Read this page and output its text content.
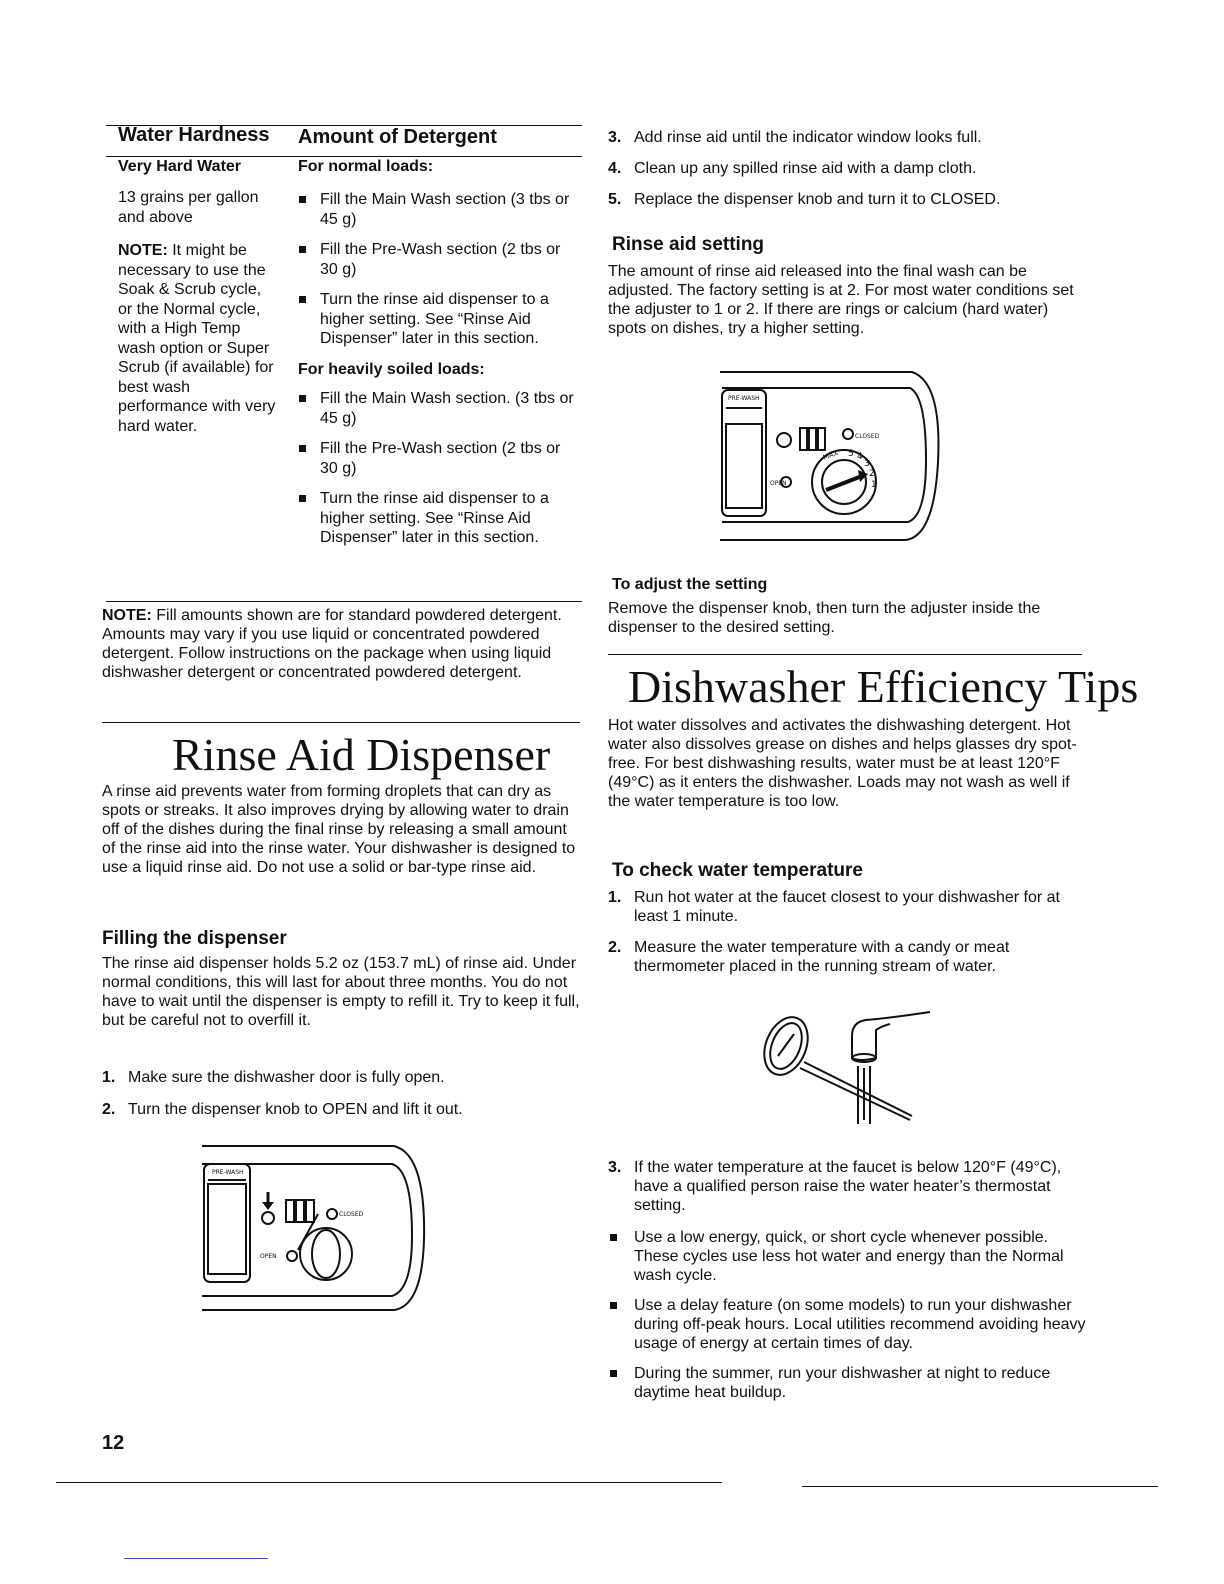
Water Hardness Amount of Detergent
Very Hard Water	For normal loads:

13 grains per gallon and above

NOTE: It might be necessary to use the Soak & Scrub cycle, or the Normal cycle, with a High Temp wash option or Super Scrub (if available) for best wash performance with very hard water.

Fill the Main Wash section (3 tbs or 45 g)
Fill the Pre-Wash section (2 tbs or 30 g)
Turn the rinse aid dispenser to a higher setting. See “Rinse Aid Dispenser” later in this section.

For heavily soiled loads:

Fill the Main Wash section. (3 tbs or 45 g)
Fill the Pre-Wash section (2 tbs or 30 g)
Turn the rinse aid dispenser to a higher setting. See “Rinse Aid Dispenser” later in this section.

NOTE: Fill amounts shown are for standard powdered detergent. Amounts may vary if you use liquid or concentrated powdered detergent. Follow instructions on the package when using liquid dishwasher detergent or concentrated powdered detergent.

Rinse Aid Dispenser

A rinse aid prevents water from forming droplets that can dry as spots or streaks. It also improves drying by allowing water to drain off of the dishes during the final rinse by releasing a small amount of the rinse aid into the rinse water. Your dishwasher is designed to use a liquid rinse aid. Do not use a solid or bar-type rinse aid.

Filling the dispenser

The rinse aid dispenser holds 5.2 oz (153.7 mL) of rinse aid. Under normal conditions, this will last for about three months. You do not have to wait until the dispenser is empty to refill it. Try to keep it full, but be careful not to overfill it.

1. Make sure the dishwasher door is fully open.
2. Turn the dispenser knob to OPEN and lift it out.
PRE-WASH
CLOSED
OPEN
12
3. Add rinse aid until the indicator window looks full.
4. Clean up any spilled rinse aid with a damp cloth.
5. Replace the dispenser knob and turn it to CLOSED.
Rinse aid setting

The amount of rinse aid released into the final wash can be adjusted. The factory setting is at 2. For most water conditions set the adjuster to 1 or 2. If there are rings or calcium (hard water) spots on dishes, try a higher setting.

PRE-WASH
CLOSED
OPEN
MAX 5 4
3
2
1
To adjust the setting

Remove the dispenser knob, then turn the adjuster inside the dispenser to the desired setting.

Dishwasher Efficiency Tips

Hot water dissolves and activates the dishwashing detergent. Hot water also dissolves grease on dishes and helps glasses dry spot-free. For best dishwashing results, water must be at least 120°F (49°C) as it enters the dishwasher. Loads may not wash as well if the water temperature is too low.

To check water temperature
1. Run hot water at the faucet closest to your dishwasher for at least 1 minute.
2. Measure the water temperature with a candy or meat thermometer placed in the running stream of water.
3. If the water temperature at the faucet is below 120°F (49°C), have a qualified person raise the water heater’s thermostat setting.
Use a low energy, quick, or short cycle whenever possible. These cycles use less hot water and energy than the Normal wash cycle.
Use a delay feature (on some models) to run your dishwasher during off-peak hours. Local utilities recommend avoiding heavy usage of energy at certain times of day.
During the summer, run your dishwasher at night to reduce daytime heat buildup.
